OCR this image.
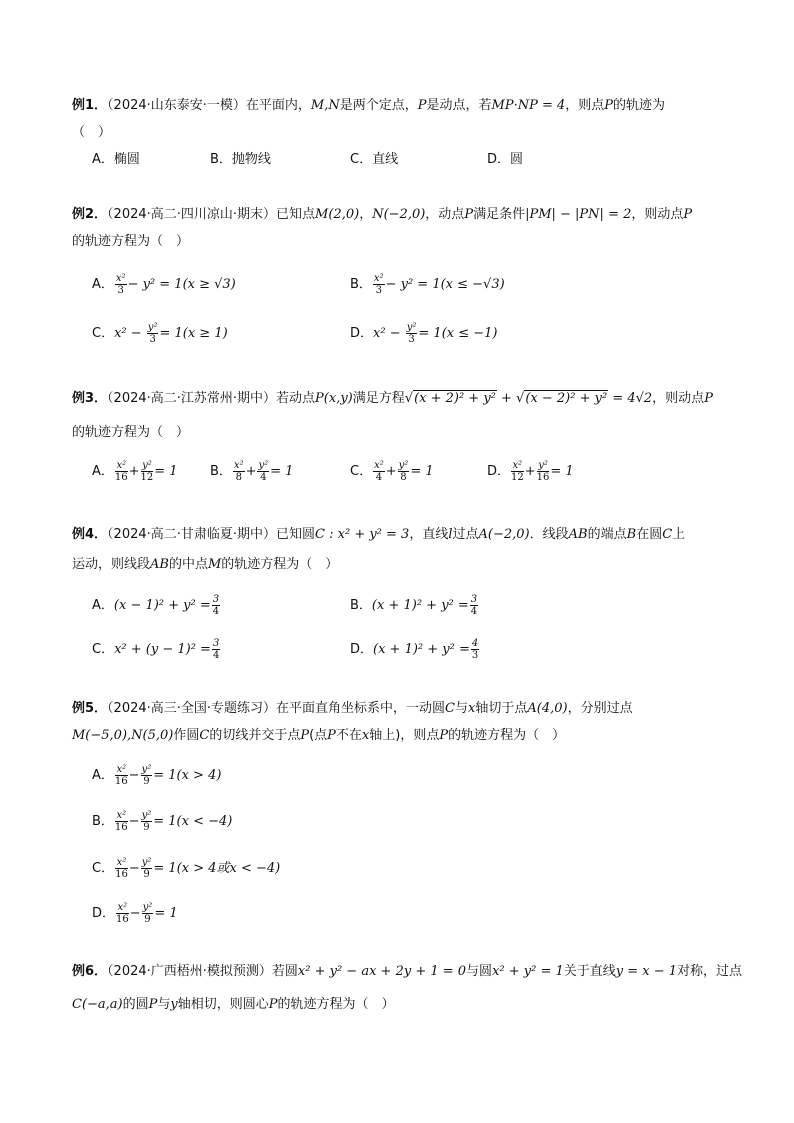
例1．（2024·山东泰安·一模）在平面内，M,N是两个定点，P是动点，若MP·NP = 4，则点P的轨迹为
（　）
A．椭圆	B．抛物线	C．直线	D．圆
例2．（2024·高二·四川凉山·期末）已知点M(2,0)，N(−2,0)，动点P满足条件|PM| − |PN| = 2，则动点P
的轨迹方程为（　）
A． $\frac{\text{x²}}{3} - y^2 = 1(x \ge √3)$	B． $\frac{\text{x²}}{3} - y^2 = 1(x \le -√3)$
C．$x^2 - \frac{\text{y²}}{3} = 1(x \ge 1)$	D．$x^2 - \frac{\text{y²}}{3} = 1(x \le -1)$
例3．（2024·高二·江苏常州·期中）若动点P(x,y)满足方程√(x + 2)² + y² + √(x − 2)² + y² = 4√2，则动点P
的轨迹方程为（　）
A． $\frac{\text{x²}}{16} + \frac{\text{y²}}{12} = 1$ B． $\frac{\text{x²}}{8} + \frac{\text{y²}}{4} = 1$	C． $\frac{\text{x²}}{4} + \frac{\text{y²}}{8} = 1$	D． $\frac{\text{x²}}{12} + \frac{\text{y²}}{16} = 1$
例4．（2024·高二·甘肃临夏·期中）已知圆C : x² + y² = 3，直线l过点A(−2,0)．线段AB的端点B在圆C上
运动，则线段AB的中点M的轨迹方程为（　）
A．$(x - 1)^2 + y^2 = \frac{3}{4}$	B．$(x + 1)^2 + y^2 = \frac{3}{4}$
C．$x^2 + (y - 1)^2 = \frac{3}{4}$	D．$(x + 1)^2 + y^2 = \frac{4}{3}$
例5．（2024·高三·全国·专题练习）在平面直角坐标系中，一动圆C与x轴切于点A(4,0)，分别过点
M(−5,0),N(5,0)作圆C的切线并交于点P(点P不在x轴上)，则点P的轨迹方程为（　）
A． $\frac{\text{x²}}{16} - \frac{\text{y²}}{9} = 1(x > 4)$
B． $\frac{\text{x²}}{16} - \frac{\text{y²}}{9} = 1(x < -4)$
C． $\frac{\text{x²}}{16} - \frac{\text{y²}}{9} = 1(x > 4$或x < −4)
D． $\frac{\text{x²}}{16} - \frac{\text{y²}}{9} = 1$
例6．（2024·广西梧州·模拟预测）若圆x² + y² − ax + 2y + 1 = 0与圆x² + y² = 1关于直线y = x − 1对称，过点
C(−a,a)的圆P与y轴相切，则圆心P的轨迹方程为（　）
